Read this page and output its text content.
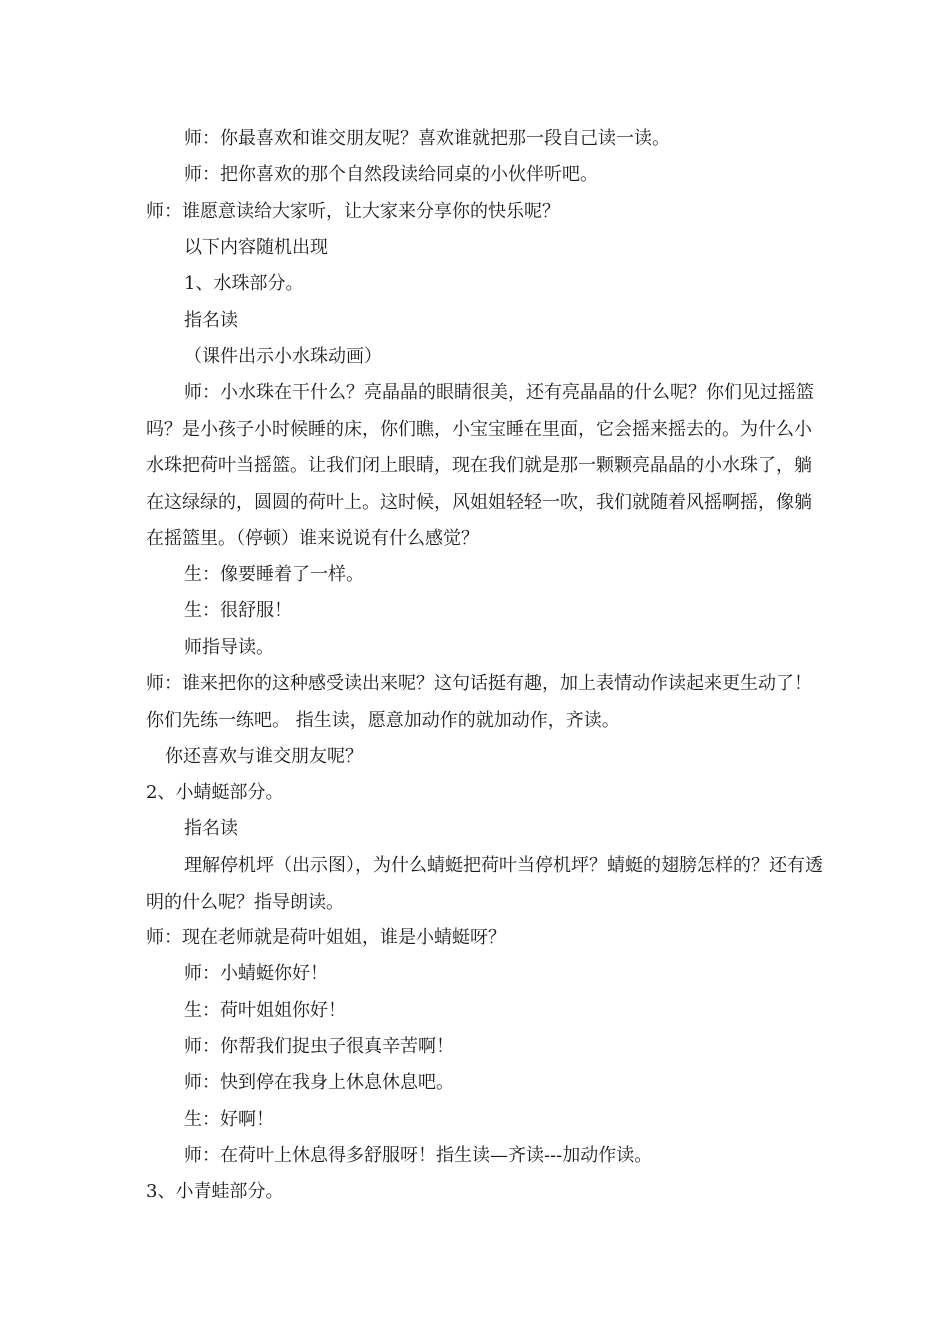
师：你最喜欢和谁交朋友呢？喜欢谁就把那一段自己读一读。
师：把你喜欢的那个自然段读给同桌的小伙伴听吧。
师：谁愿意读给大家听，让大家来分享你的快乐呢？
以下内容随机出现
1、水珠部分。
指名读
（课件出示小水珠动画）
师：小水珠在干什么？亮晶晶的眼睛很美，还有亮晶晶的什么呢？你们见过摇篮吗？是小孩子小时候睡的床，你们瞧，小宝宝睡在里面，它会摇来摇去的。为什么小水珠把荷叶当摇篮。让我们闭上眼睛，现在我们就是那一颗颗亮晶晶的小水珠了，躺在这绿绿的，圆圆的荷叶上。这时候，风姐姐轻轻一吹，我们就随着风摇啊摇，像躺在摇篮里。（停顿）谁来说说有什么感觉？
生：像要睡着了一样。
生：很舒服！
师指导读。
师：谁来把你的这种感受读出来呢？这句话挺有趣，加上表情动作读起来更生动了！你们先练一练吧。 指生读，愿意加动作的就加动作，齐读。
你还喜欢与谁交朋友呢？
2、小蜻蜓部分。
指名读
理解停机坪（出示图），为什么蜻蜓把荷叶当停机坪？蜻蜓的翅膀怎样的？还有透明的什么呢？指导朗读。
师：现在老师就是荷叶姐姐，谁是小蜻蜓呀？
师：小蜻蜓你好！
生：荷叶姐姐你好！
师：你帮我们捉虫子很真辛苦啊！
师：快到停在我身上休息休息吧。
生：好啊！
师：在荷叶上休息得多舒服呀！指生读—齐读---加动作读。
3、小青蛙部分。
